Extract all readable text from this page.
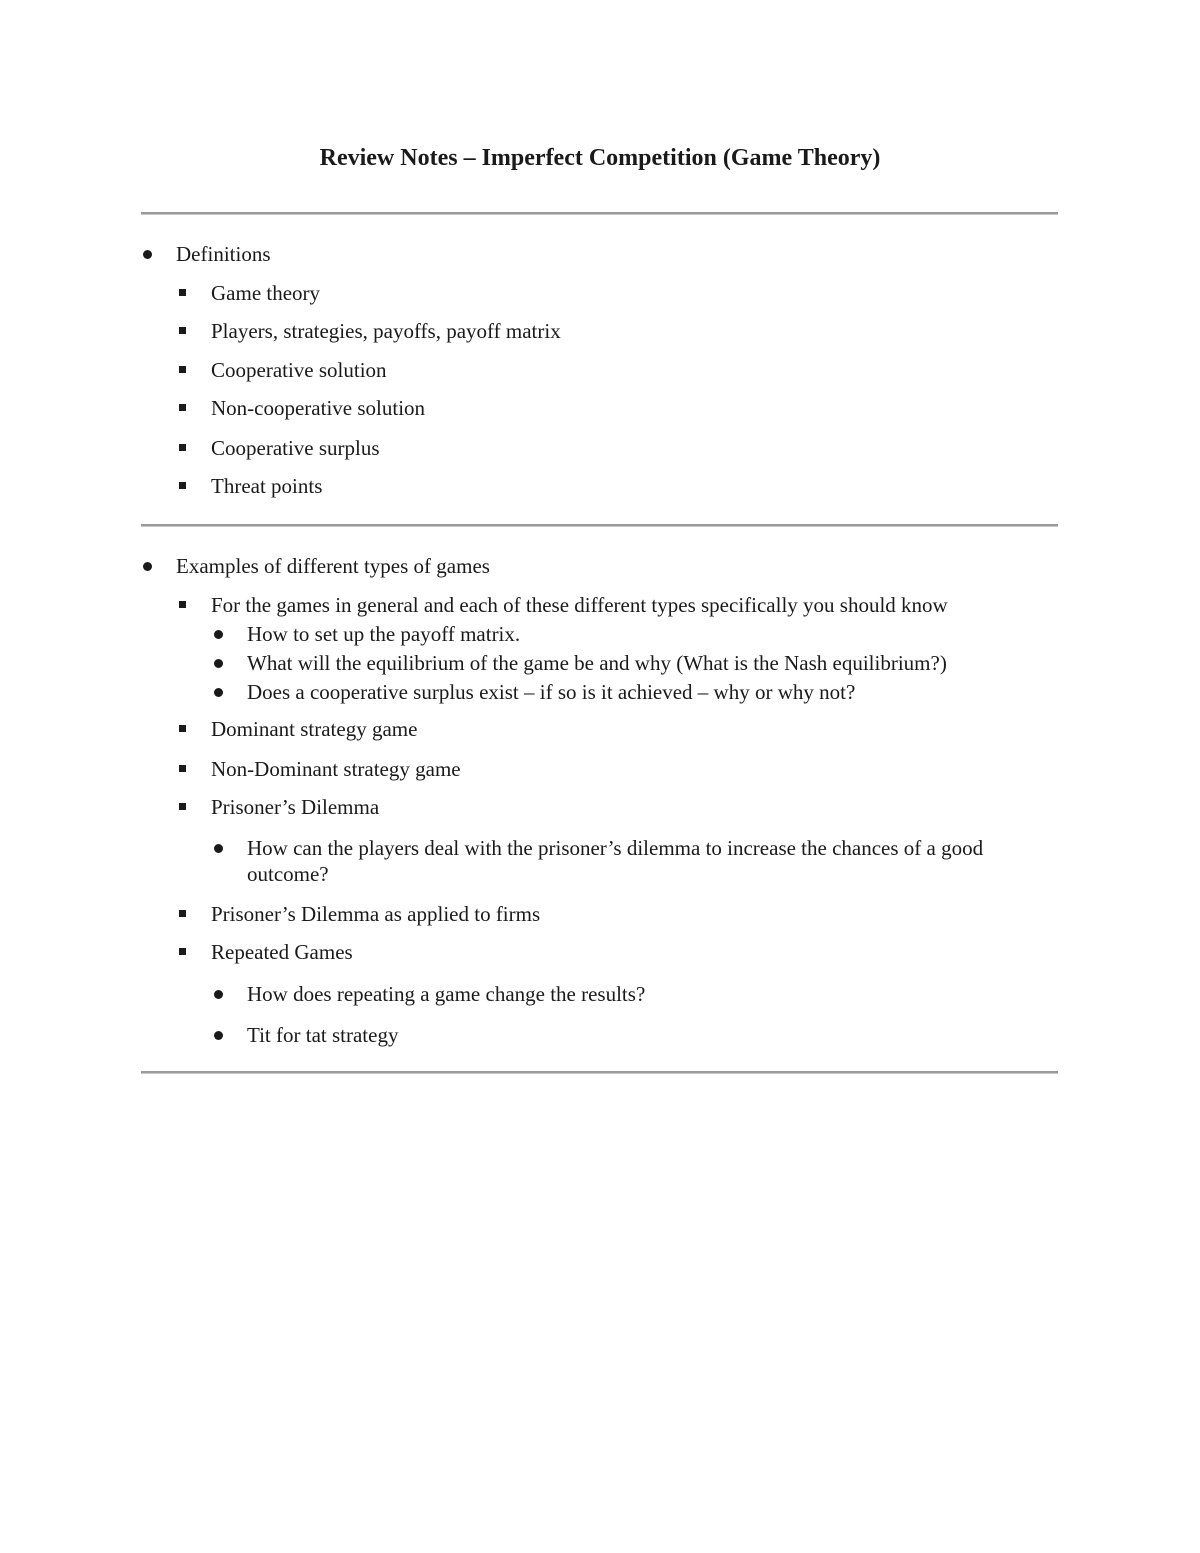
Review Notes – Imperfect Competition (Game Theory)
Definitions
Game theory
Players, strategies, payoffs, payoff matrix
Cooperative solution
Non-cooperative solution
Cooperative surplus
Threat points
Examples of different types of games
For the games in general and each of these different types specifically you should know
How to set up the payoff matrix.
What will the equilibrium of the game be and why (What is the Nash equilibrium?)
Does a cooperative surplus exist – if so is it achieved – why or why not?
Dominant strategy game
Non-Dominant strategy game
Prisoner’s Dilemma
How can the players deal with the prisoner’s dilemma to increase the chances of a good outcome?
Prisoner’s Dilemma as applied to firms
Repeated Games
How does repeating a game change the results?
Tit for tat strategy
